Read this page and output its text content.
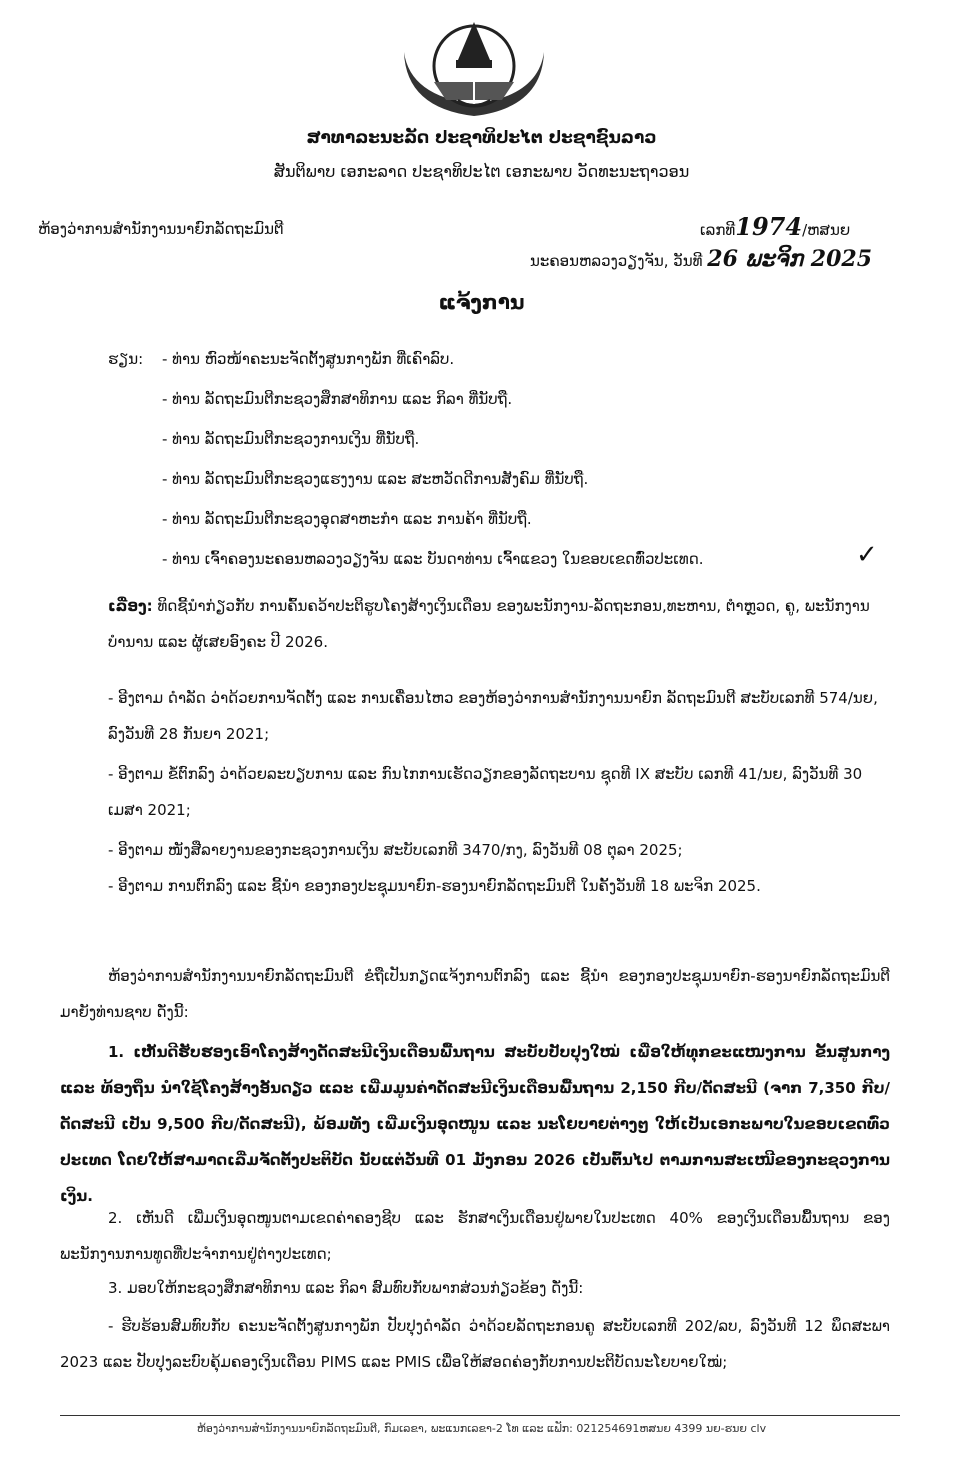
ສາທາລະນະລັດ ປະຊາທິປະໄຕ ປະຊາຊົນລາວ
ສັນຕິພາບ ເອກະລາດ ປະຊາທິປະໄຕ ເອກະພາບ ວັດທະນະຖາວອນ
ຫ້ອງວ່າການສຳນັກງານນາຍົກລັດຖະມົນຕີ	ເລກທີ1974/ຫສນຍ
ນະຄອນຫລວງວຽງຈັນ, ວັນທີ 26 ພະຈິກ 2025
ແຈ້ງການ
ຮຽນ: - ທ່ານ ຫົວໜ້າຄະນະຈັດຕັ້ງສູນກາງພັກ ທີ່ເຄົາລົບ.
- ທ່ານ ລັດຖະມົນຕີກະຊວງສຶກສາທິການ ແລະ ກິລາ ທີ່ນັບຖື.
- ທ່ານ ລັດຖະມົນຕີກະຊວງການເງິນ ທີ່ນັບຖື.
- ທ່ານ ລັດຖະມົນຕີກະຊວງແຮງງານ ແລະ ສະຫວັດດີການສັງຄົມ ທີ່ນັບຖື.
- ທ່ານ ລັດຖະມົນຕີກະຊວງອຸດສາຫະກຳ ແລະ ການຄ້າ ທີ່ນັບຖື.
- ທ່ານ ເຈົ້າຄອງນະຄອນຫລວງວຽງຈັນ ແລະ ບັນດາທ່ານ ເຈົ້າແຂວງ ໃນຂອບເຂດທົ່ວປະເທດ.	✓
ເລື່ອງ: ທິດຊີ້ນຳກ່ຽວກັບ ການຄົ້ນຄວ້າປະຕິຮູບໂຄງສ້າງເງິນເດືອນ ຂອງພະນັກງານ-ລັດຖະກອນ,ທະຫານ, ຕຳຫຼວດ, ຄູ, ພະນັກງານບຳນານ ແລະ ຜູ້ເສຍອົງຄະ ປີ 2026.
- ອີງຕາມ ດຳລັດ ວ່າດ້ວຍການຈັດຕັ້ງ ແລະ ການເຄື່ອນໄຫວ ຂອງຫ້ອງວ່າການສຳນັກງານນາຍົກ ລັດຖະມົນຕີ ສະບັບເລກທີ 574/ນຍ, ລົງວັນທີ 28 ກັນຍາ 2021;
- ອີງຕາມ ຂໍ້ຕົກລົງ ວ່າດ້ວຍລະບຽບການ ແລະ ກົນໄກການເຮັດວຽກຂອງລັດຖະບານ ຊຸດທີ IX ສະບັບ ເລກທີ 41/ນຍ, ລົງວັນທີ 30 ເມສາ 2021;
- ອີງຕາມ ໜັງສືລາຍງານຂອງກະຊວງການເງິນ ສະບັບເລກທີ 3470/ກງ, ລົງວັນທີ 08 ຕຸລາ 2025;
- ອີງຕາມ ການຕົກລົງ ແລະ ຊີ້ນຳ ຂອງກອງປະຊຸມນາຍົກ-ຮອງນາຍົກລັດຖະມົນຕີ ໃນຄັ້ງວັນທີ 18 ພະຈິກ 2025.
ຫ້ອງວ່າການສຳນັກງານນາຍົກລັດຖະມົນຕີ ຂໍຖືເປັນກຽດແຈ້ງການຕົກລົງ ແລະ ຊີ້ນຳ ຂອງກອງປະຊຸມນາຍົກ-ຮອງນາຍົກລັດຖະມົນຕີ ມາຍັງທ່ານຊາບ ດັ່ງນີ້:
1. ເຫັນດີຮັບຮອງເອົາໂຄງສ້າງດັດສະນີເງິນເດືອນພື້ນຖານ ສະບັບປັບປຸງໃໝ່ ເພື່ອໃຫ້ທຸກຂະແໜງການ ຂັ້ນສູນກາງ ແລະ ທ້ອງຖິ່ນ ນຳໃຊ້ໂຄງສ້າງອັນດຽວ ແລະ ເພີ່ມມູນຄ່າດັດສະນີເງິນເດືອນພື້ນຖານ 2,150 ກີບ/ດັດສະນີ (ຈາກ 7,350 ກີບ/ດັດສະນີ ເປັນ 9,500 ກີບ/ດັດສະນີ), ພ້ອມທັງ ເພີ່ມເງິນອຸດໜູນ ແລະ ນະໂຍບາຍຕ່າງໆ ໃຫ້ເປັນເອກະພາບໃນຂອບເຂດທົ່ວປະເທດ ໂດຍໃຫ້ສາມາດເລີ່ມຈັດຕັ້ງປະຕິບັດ ນັບແຕ່ວັນທີ 01 ມັງກອນ 2026 ເປັນຕົ້ນໄປ ຕາມການສະເໜີຂອງກະຊວງການເງິນ.
2. ເຫັນດີ ເພີ່ມເງິນອຸດໜູນຕາມເຂດຄ່າຄອງຊີບ ແລະ ຮັກສາເງິນເດືອນຢູ່ພາຍໃນປະເທດ 40% ຂອງເງິນເດືອນພື້ນຖານ ຂອງພະນັກງານການທູດທີ່ປະຈຳການຢູ່ຕ່າງປະເທດ;
3. ມອບໃຫ້ກະຊວງສຶກສາທິການ ແລະ ກິລາ ສົມທົບກັບພາກສ່ວນກ່ຽວຂ້ອງ ດັ່ງນີ້:
- ຮີບຮ້ອນສົມທົບກັບ ຄະນະຈັດຕັ້ງສູນກາງພັກ ປັບປຸງດຳລັດ ວ່າດ້ວຍລັດຖະກອນຄູ ສະບັບເລກທີ 202/ລບ, ລົງວັນທີ 12 ພຶດສະພາ 2023 ແລະ ປັບປຸງລະບົບຄຸ້ມຄອງເງິນເດືອນ PIMS ແລະ PMIS ເພື່ອໃຫ້ສອດຄ່ອງກັບການປະຕິບັດນະໂຍບາຍໃໝ່;
ຫ້ອງວ່າການສຳນັກງານນາຍົກລັດຖະມົນຕີ, ກົມເລຂາ, ພະແນກເລຂາ-2 ໂທ ແລະ ແຟັກ: 021254691ຫສນຍ 4399 ນຍ-ຮນຍ clv
